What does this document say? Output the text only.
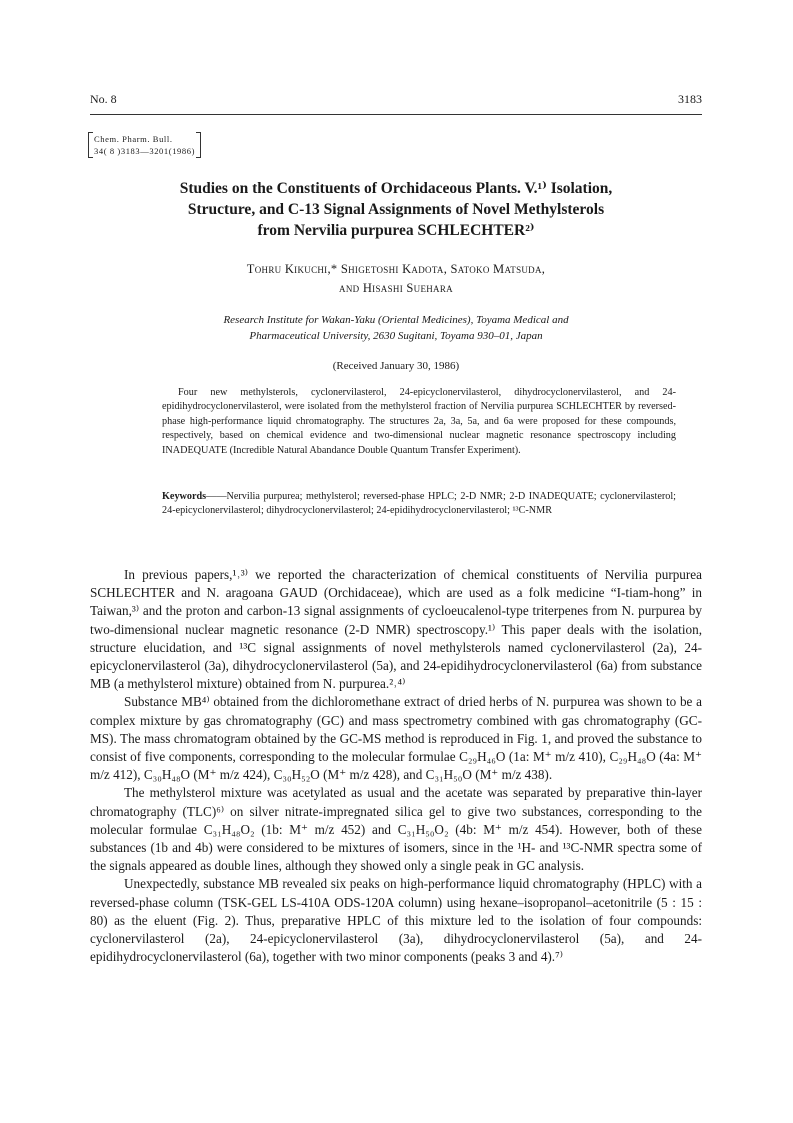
No. 8	3183
Chem. Pharm. Bull.
34( 8 )3183—3201(1986)
Studies on the Constituents of Orchidaceous Plants. V.¹⁾ Isolation,
Structure, and C-13 Signal Assignments of Novel Methylsterols
from Nervilia purpurea SCHLECHTER²⁾
Tohru Kikuchi,* Shigetoshi Kadota, Satoko Matsuda,
and Hisashi Suehara
Research Institute for Wakan-Yaku (Oriental Medicines), Toyama Medical and
Pharmaceutical University, 2630 Sugitani, Toyama 930–01, Japan
(Received January 30, 1986)
Four new methylsterols, cyclonervilasterol, 24-epicyclonervilasterol, dihydrocyclonervilasterol, and 24-epidihydrocyclonervilasterol, were isolated from the methylsterol fraction of Nervilia purpurea SCHLECHTER by reversed-phase high-performance liquid chromatography. The structures 2a, 3a, 5a, and 6a were proposed for these compounds, respectively, based on chemical evidence and two-dimensional nuclear magnetic resonance spectroscopy including INADEQUATE (Incredible Natural Abandance Double Quantum Transfer Experiment).
Keywords——Nervilia purpurea; methylsterol; reversed-phase HPLC; 2-D NMR; 2-D INADEQUATE; cyclonervilasterol; 24-epicyclonervilasterol; dihydrocyclonervilasterol; 24-epidihydrocyclonervilasterol; ¹³C-NMR

In previous papers,¹˒³⁾ we reported the characterization of chemical constituents of Nervilia purpurea SCHLECHTER and N. aragoana GAUD (Orchidaceae), which are used as a folk medicine “I-tiam-hong” in Taiwan,³⁾ and the proton and carbon-13 signal assignments of cycloeucalenol-type triterpenes from N. purpurea by two-dimensional nuclear magnetic resonance (2-D NMR) spectroscopy.¹⁾ This paper deals with the isolation, structure elucidation, and ¹³C signal assignments of novel methylsterols named cyclonervilasterol (2a), 24-epicyclonervilasterol (3a), dihydrocyclonervilasterol (5a), and 24-epidihydrocyclonervilasterol (6a) from substance MB (a methylsterol mixture) obtained from N. purpurea.²˒⁴⁾

Substance MB⁴⁾ obtained from the dichloromethane extract of dried herbs of N. purpurea was shown to be a complex mixture by gas chromatography (GC) and mass spectrometry combined with gas chromatography (GC-MS). The mass chromatogram obtained by the GC-MS method is reproduced in Fig. 1, and proved the substance to consist of five components, corresponding to the molecular formulae C₂₉H₄₆O (1a: M⁺ m/z 410), C₂₉H₄₈O (4a: M⁺ m/z 412), C₃₀H₄₈O (M⁺ m/z 424), C₃₀H₅₂O (M⁺ m/z 428), and C₃₁H₅₀O (M⁺ m/z 438).

The methylsterol mixture was acetylated as usual and the acetate was separated by preparative thin-layer chromatography (TLC)⁶⁾ on silver nitrate-impregnated silica gel to give two substances, corresponding to the molecular formulae C₃₁H₄₈O₂ (1b: M⁺ m/z 452) and C₃₁H₅₀O₂ (4b: M⁺ m/z 454). However, both of these substances (1b and 4b) were considered to be mixtures of isomers, since in the ¹H- and ¹³C-NMR spectra some of the signals appeared as double lines, although they showed only a single peak in GC analysis.

Unexpectedly, substance MB revealed six peaks on high-performance liquid chromatography (HPLC) with a reversed-phase column (TSK-GEL LS-410A ODS-120A column) using hexane–isopropanol–acetonitrile (5 : 15 : 80) as the eluent (Fig. 2). Thus, preparative HPLC of this mixture led to the isolation of four compounds: cyclonervilasterol (2a), 24-epicyclonervilasterol (3a), dihydrocyclonervilasterol (5a), and 24-epidihydrocyclonervilasterol (6a), together with two minor components (peaks 3 and 4).⁷⁾
